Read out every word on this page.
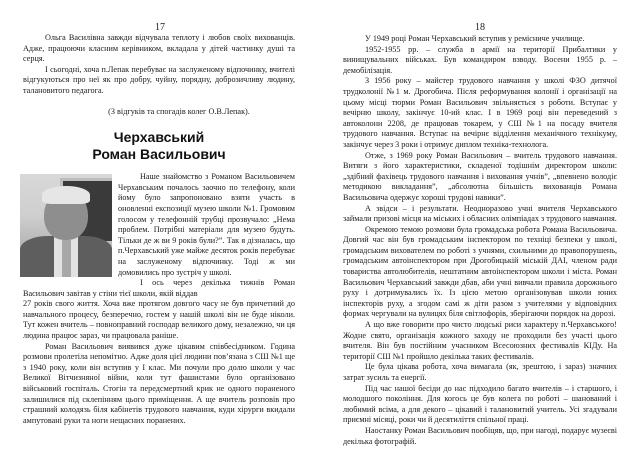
17

Ольга Василівна завжди відчувала теплоту і любов своїх вихованців. Адже, працюючи класним керівником, вкладала у дітей частинку душі та серця.

І сьогодні, хоча п.Лепак перебуває на заслуженому відпочинку, вчителі відгукуються про неї як про добру, чуйну, порядну, доброзичливу людину, талановитого педагога.

(З відгуків та спогадів колег О.В.Лепак).
Черхавський
Роман Васильович

Наше знайомство з Романом Васильовичем Черхавським почалось заочно по телефону, коли йому було запропоновано взяти участь в оновленні експозиції музею школи №1. Громовим голосом у телефонній трубці прозвучало: „Нема проблем. Потрібні матеріали для музею будуть. Тільки де ж ви 9 років були?”. Так я дізналась, що п.Черхавський уже майже десяток років перебуває на заслуженому відпочинку. Тоді ж ми домовились про зустріч у школі.

І ось через декілька тижнів Роман Васильович завітав у стіни тієї школи, якій віддав

27 років свого життя. Хоча вже протягом довгого часу не був причетний до навчального процесу, безперечно, гостем у нашій школі він не буде ніколи. Тут кожен вчитель – повноправний господар великого дому, незалежно, чи ця людина працює зараз, чи працювала раніше.

Роман Васильович виявився дуже цікавим співбесідником. Година розмови пролетіла непомітно. Адже доля цієї людини пов’язана з СШ №1 ще з 1940 року, коли він вступив у І клас. Ми почули про долю школи у час Великої Вітчизняної війни, коли тут фашистами було організовано військовий госпіталь. Стогін та передсмертний крик не одного пораненого залишилися під склепінням цього приміщення. А ще вчитель розповів про страшний колодязь біля кабінетів трудового навчання, куди хірурги вкидали ампутовані руки та ноги нещасних поранених.

18

У 1949 році Роман Черхавський вступив у ремісниче училище.

1952-1955 рр. – служба в армії на території Прибалтики у винищувальних військах. Був командиром взводу. Восени 1955 р. – демобілізація.

З 1956 року – майстер трудового навчання у школі ФЗО дитячої трудколонії №1 м. Дрогобича. Після реформування колонії і організації на цьому місці тюрми Роман Васильович звільняється з роботи. Вступає у вечірню школу, закінчує 10-ий клас. І в 1969 році він переведений з автоколони 2208, де працював токарем, у СШ №1 на посаду вчителя трудового навчання. Вступає на вечірнє відділення механічного технікуму, закінчує через 3 роки і отримує диплом техніка-технолога.

Отже, з 1969 року Роман Васильович – вчитель трудового навчання. Витяги з його характеристики, складеної тодішнім директором школи: „здібний фахівець трудового навчання і виховання учнів”, „впевнено володіє методикою викладання”, „абсолютна більшість вихованців Романа Васильовича одержує хороші трудові навики”.

А звідси – і результати. Неодноразово учні вчителя Черхавського займали призові місця на міських і обласних олімпіадах з трудового навчання.

Окремою темою розмови була громадська робота Романа Васильовича. Довгий час він був громадським інспектором по техніці безпеки у школі, громадським вихователем по роботі з учнями, схильними до правопорушень, громадським автоінспектором при Дрогобицькій міській ДАІ, членом ради товариства автолюбителів, нештатним автоінспектором школи і міста. Роман Васильович Черхавський завжди дбав, аби учні вивчали правила дорожнього руху і дотримувались їх. Із цією метою організовував школи юних інспекторів руху, а згодом самі ж діти разом з учителями у відповідних формах чергували на вулицях біля світлофорів, зберігаючи порядок на дорозі.

А що вже говорити про чисто людські риси характеру п.Черхавського! Жодне свято, організація кожного заходу не проходили без участі цього вчителя. Він був постійним учасником Всесоюзних фестивалів КІДу. На території СШ №1 пройшло декілька таких фестивалів.

Це була цікава робота, хоча вимагала (як, зрештою, і зараз) значних затрат зусиль та енергії.

Під час нашої бесіди до нас підходило багато вчителів – і старшого, і молодшого покоління. Для когось це був колега по роботі – шанований і любимий всіма, а для декого – цікавий і талановитий учитель. Усі згадували приємні місяці, роки чи й десятиліття спільної праці.

Наостанку Роман Васильович пообіцяв, що, при нагоді, подарує музеєві декілька фотографій.
